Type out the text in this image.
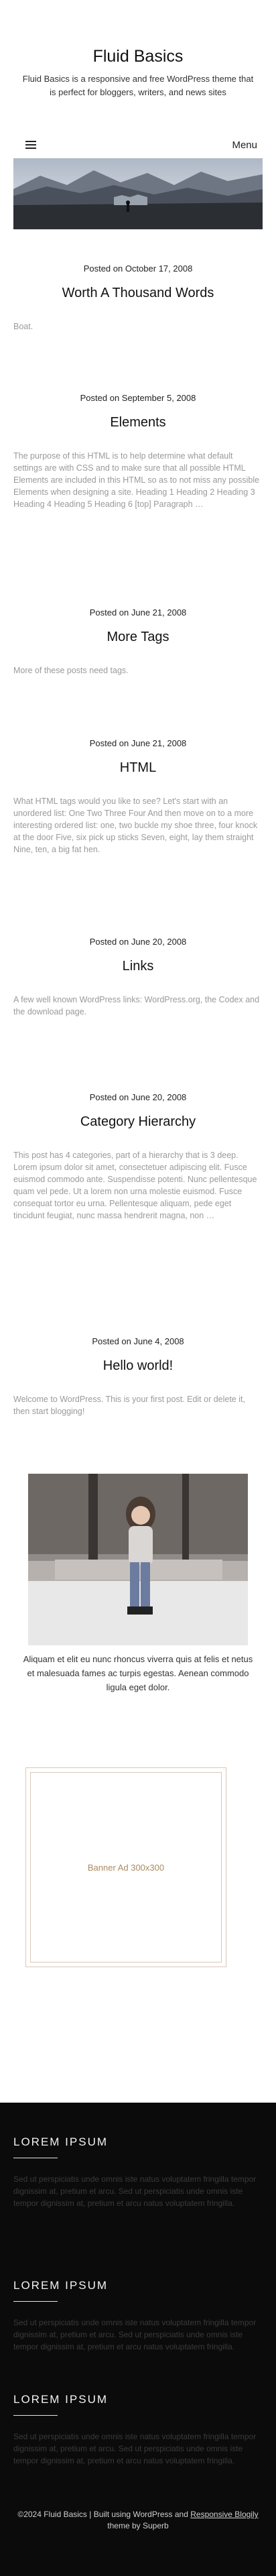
Fluid Basics
Fluid Basics is a responsive and free WordPress theme that is perfect for bloggers, writers, and news sites
Menu
Posted on October 17, 2008
Worth A Thousand Words
Boat.
Posted on September 5, 2008
Elements
The purpose of this HTML is to help determine what default settings are with CSS and to make sure that all possible HTML Elements are included in this HTML so as to not miss any possible Elements when designing a site. Heading 1 Heading 2 Heading 3 Heading 4 Heading 5 Heading 6 [top] Paragraph …
Posted on June 21, 2008
More Tags
More of these posts need tags.
Posted on June 21, 2008
HTML
What HTML tags would you like to see? Let's start with an unordered list: One Two Three Four And then move on to a more interesting ordered list: one, two buckle my shoe three, four knock at the door Five, six pick up sticks Seven, eight, lay them straight Nine, ten, a big fat hen.
Posted on June 20, 2008
Links
A few well known WordPress links: WordPress.org, the Codex and the download page.
Posted on June 20, 2008
Category Hierarchy
This post has 4 categories, part of a hierarchy that is 3 deep. Lorem ipsum dolor sit amet, consectetuer adipiscing elit. Fusce euismod commodo ante. Suspendisse potenti. Nunc pellentesque quam vel pede. Ut a lorem non urna molestie euismod. Fusce consequat tortor eu urna. Pellentesque aliquam, pede eget tincidunt feugiat, nunc massa hendrerit magna, non …
Posted on June 4, 2008
Hello world!
Welcome to WordPress. This is your first post. Edit or delete it, then start blogging!
Aliquam et elit eu nunc rhoncus viverra quis at felis et netus et malesuada fames ac turpis egestas. Aenean commodo ligula eget dolor.
Banner Ad 300x300
LOREM IPSUM
Sed ut perspiciatis unde omnis iste natus voluptatem fringilla tempor dignissim at, pretium et arcu. Sed ut perspiciatis unde omnis iste tempor dignissim at, pretium et arcu natus voluptatem fringilla.
LOREM IPSUM
Sed ut perspiciatis unde omnis iste natus voluptatem fringilla tempor dignissim at, pretium et arcu. Sed ut perspiciatis unde omnis iste tempor dignissim at, pretium et arcu natus voluptatem fringilla.
LOREM IPSUM
Sed ut perspiciatis unde omnis iste natus voluptatem fringilla tempor dignissim at, pretium et arcu. Sed ut perspiciatis unde omnis iste tempor dignissim at, pretium et arcu natus voluptatem fringilla.
©2024 Fluid Basics | Built using WordPress and Responsive Blogily theme by Superb
